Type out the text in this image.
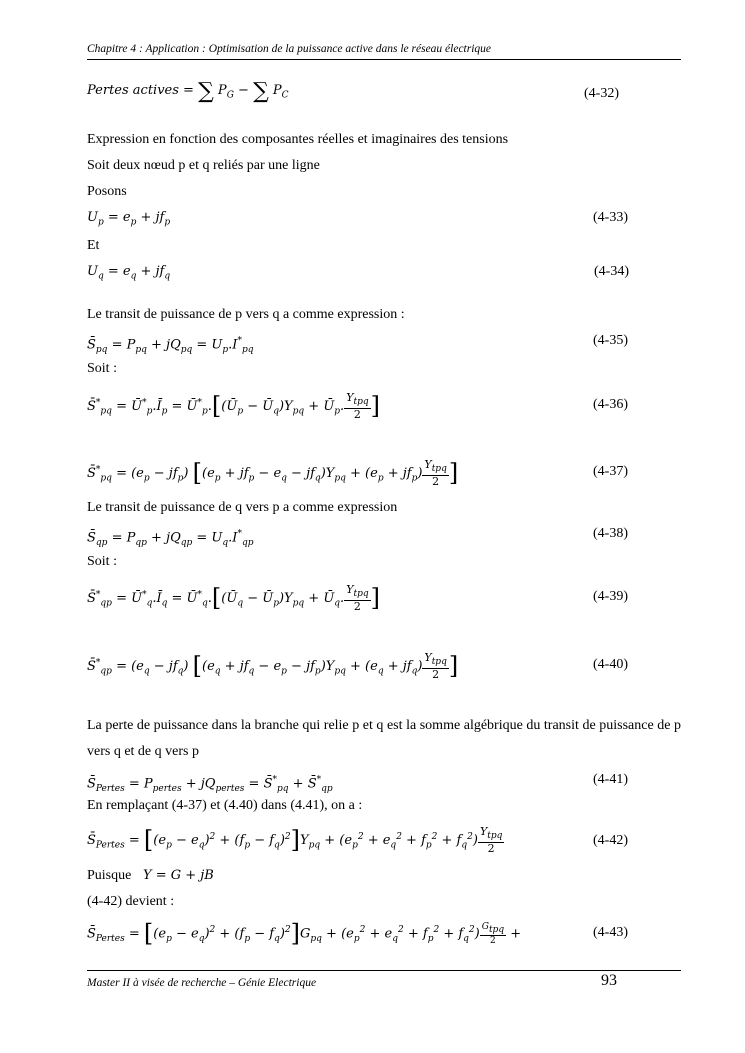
Chapitre 4 : Application : Optimisation de la puissance active dans le réseau électrique
Pertes actives = ∑ $P_G$ − ∑ $P_C$	(4-32)
Expression en fonction des composantes réelles et imaginaires des tensions
Soit deux nœud p et q reliés par une ligne
Posons
$U_p = e_p + jf_p$	(4-33)
Et
$U_q = e_q + jf_q$	(4-34)
Le transit de puissance de p vers q a comme expression :
$S̄_{pq} = P_{pq} + jQ_{pq} = U_p.I^*_{pq}$
(4-35)
Soit :
$S̄^*_{pq}$ = $Ū^*_p.Ī_p$ = $Ū^*_p.[(Ū_p$ − $Ū_q)Y_{pq}$ + $Ū_p$. $\frac{Y_{tpq}}{2}$ ]	(4-36)
$S̄^*_{pq} = (e_p - jf_p) [(e_p + jf_p - e_q - jf_q)Y_{pq} + (e_p + jf_p) \frac{Y_{tpq}}{2}$ ]	(4-37)
Le transit de puissance de q vers p a comme expression
$S̄_{qp} = P_{qp} + jQ_{qp} = U_q.I^*_{qp}$
(4-38)
Soit :
$S̄^*_{qp}$ = $Ū^*_q.Ī_q$ = $Ū^*_q.[(Ū_q$ − $Ū_p)Y_{pq}$ + $Ū_q$. $\frac{Y_{tpq}}{2}$ ]	(4-39)
$S̄^*_{qp} = (e_q - jf_q) [(e_q + jf_q - e_p - jf_p)Y_{pq} + (e_q + jf_q) \frac{Y_{tpq}}{2}$ ]	(4-40)
La perte de puissance dans la branche qui relie p et q est la somme algébrique du transit de puissance de p vers q et de q vers p
$S̄_{Pertes} = P_{pertes} + jQ_{pertes}$ = $S̄^*_{pq}$ + $S̄^*_{qp}$
(4-41)
En remplaçant (4-37) et (4.40) dans (4.41), on a :
$S̄_{Pertes} = [(e_p - e_q)^2 + (f_p - f_q)^2]Y_{pq} + (e_p^2 + e_q^2 + f_p^2 + f_q^2) \frac{Y_{tpq}}{2}$	(4-42)
Puisque Y = G + jB
(4-42) devient :
$S̄_{Pertes} = [(e_p - e_q)^2 + (f_p - f_q)^2]G_{pq} + (e_p^2 + e_q^2 + f_p^2 + f_q^2) \frac{G_{tpq}}{2}$ +	(4-43)
Master II à visée de recherche – Génie Electrique	93
